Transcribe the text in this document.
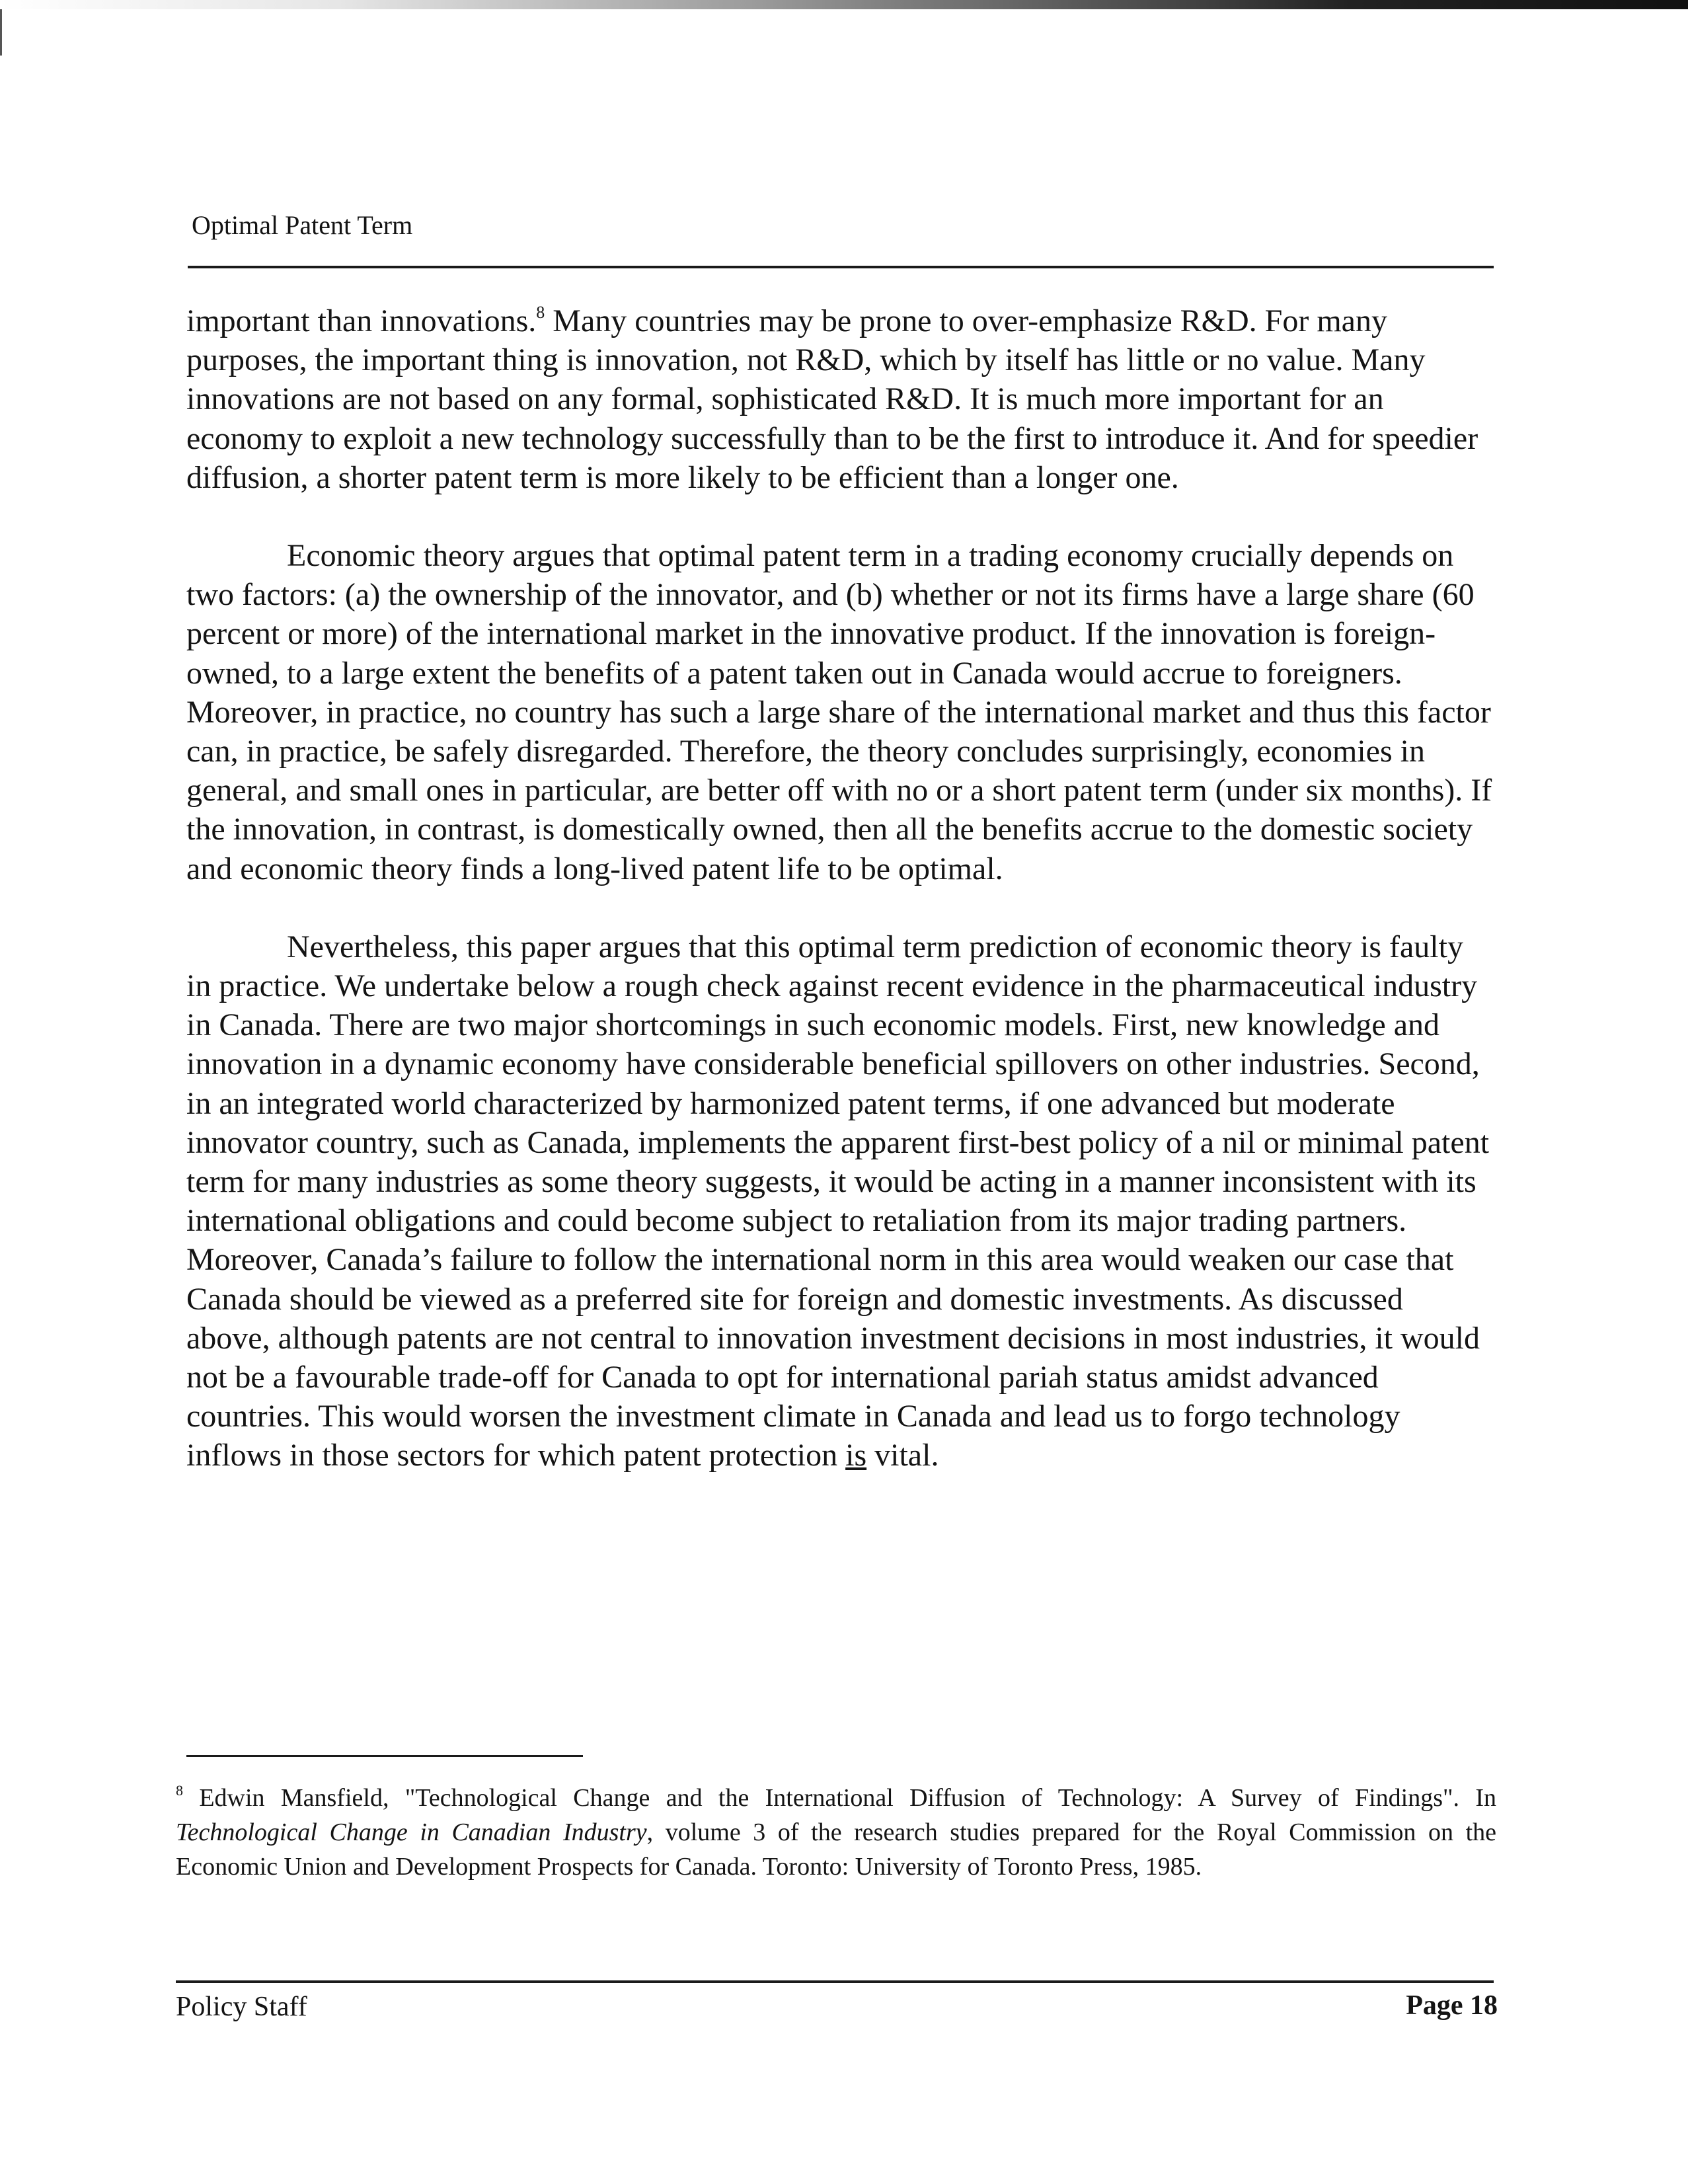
Optimal Patent Term

important than innovations.$^8$ Many countries may be prone to over-emphasize R&D. For many purposes, the important thing is innovation, not R&D, which by itself has little or no value. Many innovations are not based on any formal, sophisticated R&D. It is much more important for an economy to exploit a new technology successfully than to be the first to introduce it. And for speedier diffusion, a shorter patent term is more likely to be efficient than a longer one.

Economic theory argues that optimal patent term in a trading economy crucially depends on two factors: (a) the ownership of the innovator, and (b) whether or not its firms have a large share (60 percent or more) of the international market in the innovative product. If the innovation is foreign-owned, to a large extent the benefits of a patent taken out in Canada would accrue to foreigners. Moreover, in practice, no country has such a large share of the international market and thus this factor can, in practice, be safely disregarded. Therefore, the theory concludes surprisingly, economies in general, and small ones in particular, are better off with no or a short patent term (under six months). If the innovation, in contrast, is domestically owned, then all the benefits accrue to the domestic society and economic theory finds a long-lived patent life to be optimal.

Nevertheless, this paper argues that this optimal term prediction of economic theory is faulty in practice. We undertake below a rough check against recent evidence in the pharmaceutical industry in Canada. There are two major shortcomings in such economic models. First, new knowledge and innovation in a dynamic economy have considerable beneficial spillovers on other industries. Second, in an integrated world characterized by harmonized patent terms, if one advanced but moderate innovator country, such as Canada, implements the apparent first-best policy of a nil or minimal patent term for many industries as some theory suggests, it would be acting in a manner inconsistent with its international obligations and could become subject to retaliation from its major trading partners. Moreover, Canada’s failure to follow the international norm in this area would weaken our case that Canada should be viewed as a preferred site for foreign and domestic investments. As discussed above, although patents are not central to innovation investment decisions in most industries, it would not be a favourable trade-off for Canada to opt for international pariah status amidst advanced countries. This would worsen the investment climate in Canada and lead us to forgo technology inflows in those sectors for which patent protection is vital.

$^8$ Edwin Mansfield, "Technological Change and the International Diffusion of Technology: A Survey of Findings". In Technological Change in Canadian Industry, volume 3 of the research studies prepared for the Royal Commission on the Economic Union and Development Prospects for Canada. Toronto: University of Toronto Press, 1985.
Policy Staff	Page 18
